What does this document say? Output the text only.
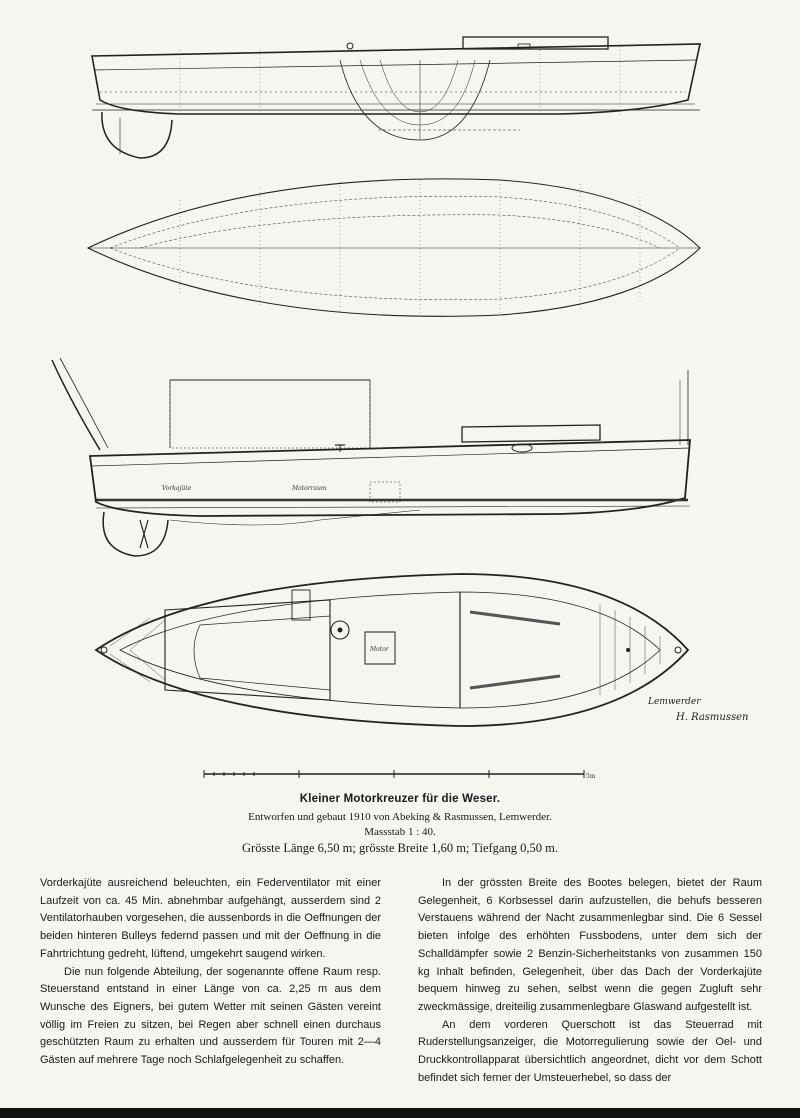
Vorkajüte	Motorraum
Motor
5m
Lemwerder
H. Rasmussen
Kleiner Motorkreuzer für die Weser.
Entworfen und gebaut 1910 von Abeking & Rasmussen, Lemwerder.
Massstab 1 : 40.
Grösste Länge 6,50 m; grösste Breite 1,60 m; Tiefgang 0,50 m.

Vorderkajüte ausreichend beleuchten, ein Federventilator mit einer Laufzeit von ca. 45 Min. abnehmbar aufgehängt, ausserdem sind 2 Ventilatorhauben vorgesehen, die aussenbords in die Oeffnungen der beiden hinteren Bulleys federnd passen und mit der Oeffnung in die Fahrtrichtung gedreht, lüftend, umgekehrt saugend wirken.

Die nun folgende Abteilung, der sogenannte offene Raum resp. Steuerstand entstand in einer Länge von ca. 2,25 m aus dem Wunsche des Eigners, bei gutem Wetter mit seinen Gästen vereint völlig im Freien zu sitzen, bei Regen aber schnell einen durchaus geschützten Raum zu erhalten und ausserdem für Touren mit 2—4 Gästen auf mehrere Tage noch Schlafgelegenheit zu schaffen.

In der grössten Breite des Bootes belegen, bietet der Raum Gelegenheit, 6 Korbsessel darin aufzustellen, die behufs besseren Verstauens während der Nacht zusammenlegbar sind. Die 6 Sessel bieten infolge des erhöhten Fussbodens, unter dem sich der Schalldämpfer sowie 2 Benzin-Sicherheitstanks von zusammen 150 kg Inhalt befinden, Gelegenheit, über das Dach der Vorderkajüte bequem hinweg zu sehen, selbst wenn die gegen Zugluft sehr zweckmässige, dreiteilig zusammenlegbare Glaswand aufgestellt ist.

An dem vorderen Querschott ist das Steuerrad mit Ruderstellungsanzeiger, die Motorregulierung sowie der Oel- und Druckkontrollapparat übersichtlich angeordnet, dicht vor dem Schott befindet sich ferner der Umsteuerhebel, so dass der
